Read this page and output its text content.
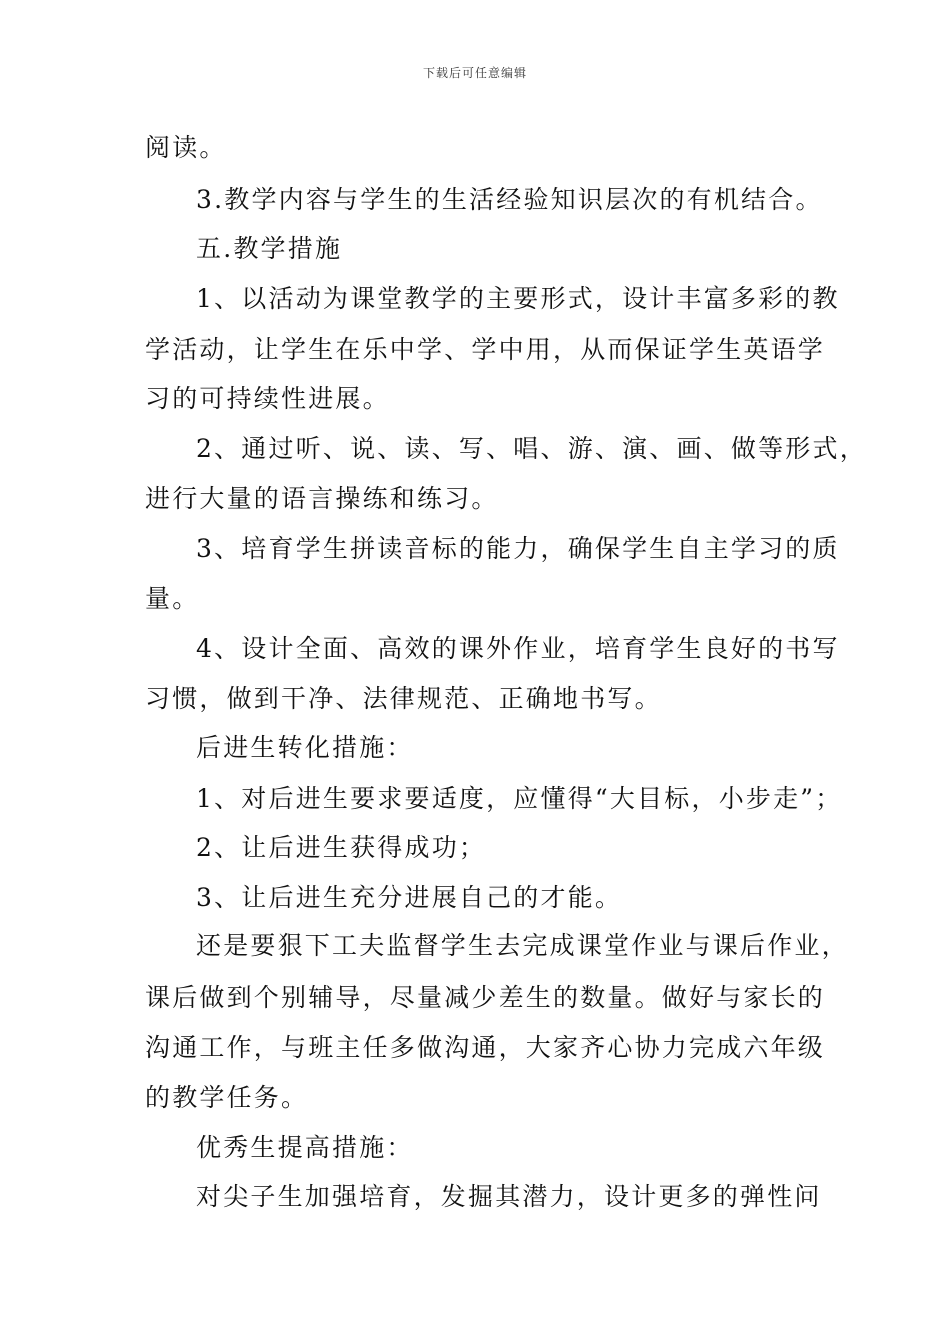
下载后可任意编辑
阅读。
3.教学内容与学生的生活经验知识层次的有机结合。
五.教学措施
1、以活动为课堂教学的主要形式，设计丰富多彩的教
学活动，让学生在乐中学、学中用，从而保证学生英语学
习的可持续性进展。
2、通过听、说、读、写、唱、游、演、画、做等形式，
进行大量的语言操练和练习。
3、培育学生拼读音标的能力，确保学生自主学习的质
量。
4、设计全面、高效的课外作业，培育学生良好的书写
习惯，做到干净、法律规范、正确地书写。
后进生转化措施：
1、对后进生要求要适度，应懂得“大目标，小步走”；
2、让后进生获得成功；
3、让后进生充分进展自己的才能。
还是要狠下工夫监督学生去完成课堂作业与课后作业，
课后做到个别辅导，尽量减少差生的数量。做好与家长的
沟通工作，与班主任多做沟通，大家齐心协力完成六年级
的教学任务。
优秀生提高措施：
对尖子生加强培育，发掘其潜力，设计更多的弹性问
